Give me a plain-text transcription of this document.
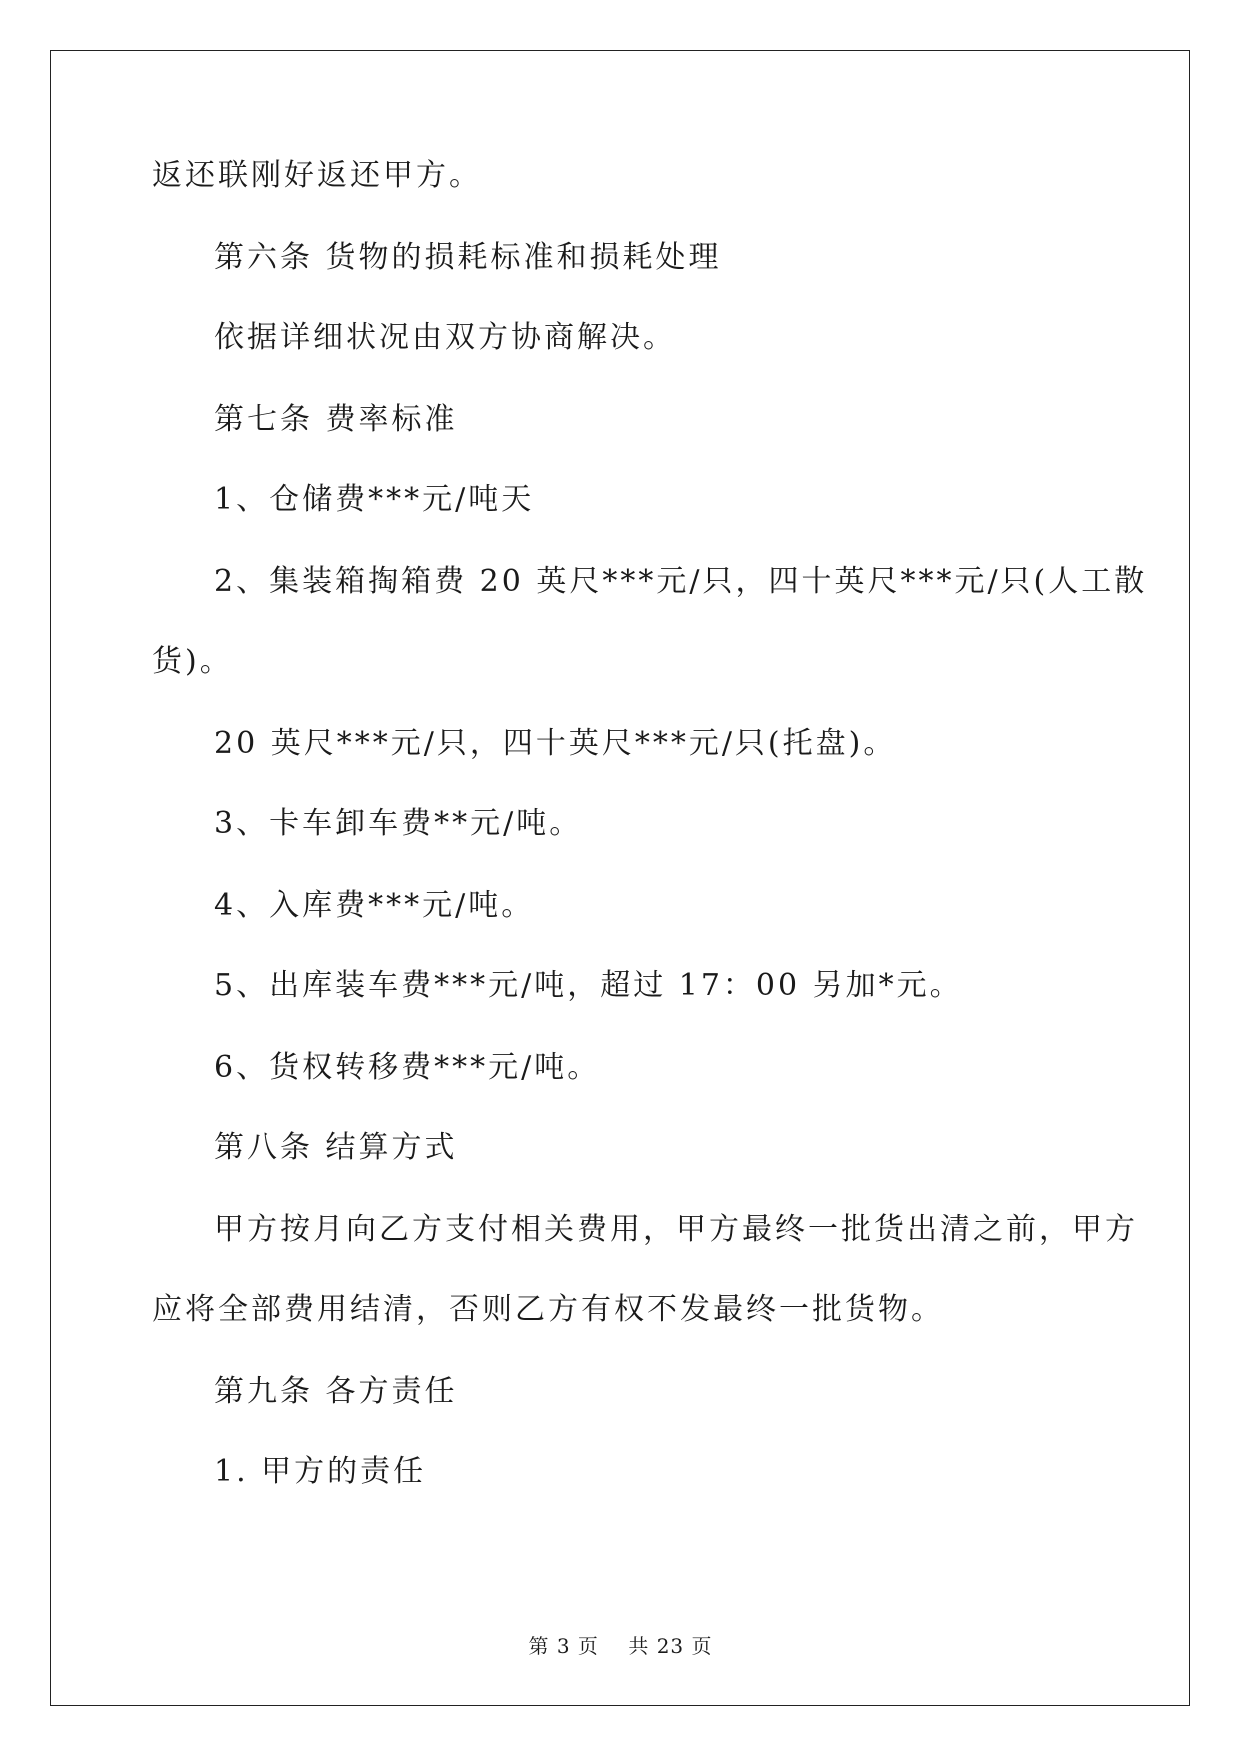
返还联刚好返还甲方。
第六条 货物的损耗标准和损耗处理
依据详细状况由双方协商解决。
第七条 费率标准
1、仓储费***元/吨天
2、集装箱掏箱费 20 英尺***元/只，四十英尺***元/只(人工散
货)。
20 英尺***元/只，四十英尺***元/只(托盘)。
3、卡车卸车费**元/吨。
4、入库费***元/吨。
5、出库装车费***元/吨，超过 17：00 另加*元。
6、货权转移费***元/吨。
第八条 结算方式
甲方按月向乙方支付相关费用，甲方最终一批货出清之前，甲方
应将全部费用结清，否则乙方有权不发最终一批货物。
第九条 各方责任
1. 甲方的责任
第 3 页    共 23 页
